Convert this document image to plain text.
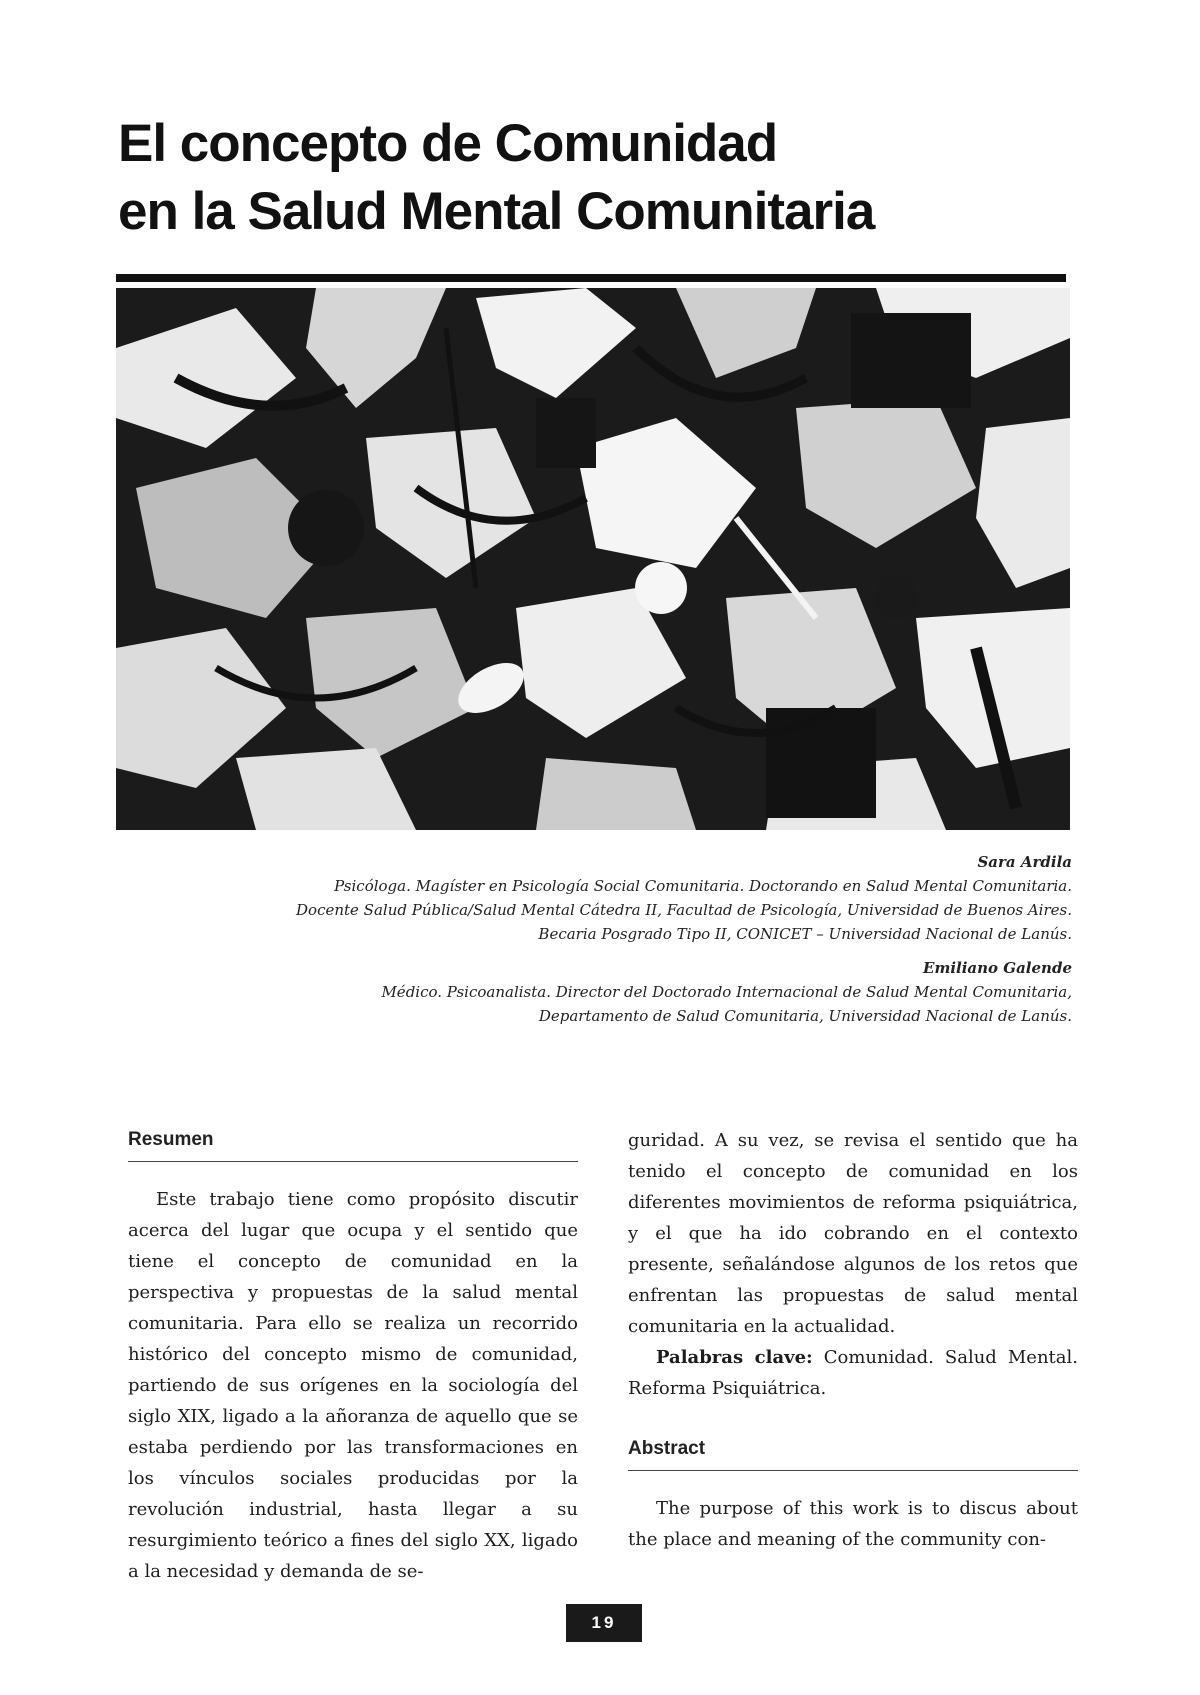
El concepto de Comunidad
en la Salud Mental Comunitaria
Sara Ardila
Psicóloga. Magíster en Psicología Social Comunitaria. Doctorando en Salud Mental Comunitaria.
Docente Salud Pública/Salud Mental Cátedra II, Facultad de Psicología, Universidad de Buenos Aires.
Becaria Posgrado Tipo II, CONICET – Universidad Nacional de Lanús.
Emiliano Galende
Médico. Psicoanalista. Director del Doctorado Internacional de Salud Mental Comunitaria,
Departamento de Salud Comunitaria, Universidad Nacional de Lanús.
Resumen

Este trabajo tiene como propósito discutir acerca del lugar que ocupa y el sentido que tiene el concepto de comunidad en la perspectiva y propuestas de la salud mental comunitaria. Para ello se realiza un recorrido histórico del concepto mismo de comunidad, partiendo de sus orígenes en la sociología del siglo XIX, ligado a la añoranza de aquello que se estaba perdiendo por las transformaciones en los vínculos sociales producidas por la revolución industrial, hasta llegar a su resurgimiento teórico a fines del siglo XX, ligado a la necesidad y demanda de se-

guridad. A su vez, se revisa el sentido que ha tenido el concepto de comunidad en los diferentes movimientos de reforma psiquiátrica, y el que ha ido cobrando en el contexto presente, señalándose algunos de los retos que enfrentan las propuestas de salud mental comunitaria en la actualidad.

Palabras clave: Comunidad. Salud Mental. Reforma Psiquiátrica.

Abstract

The purpose of this work is to discus about the place and meaning of the community con-

19
